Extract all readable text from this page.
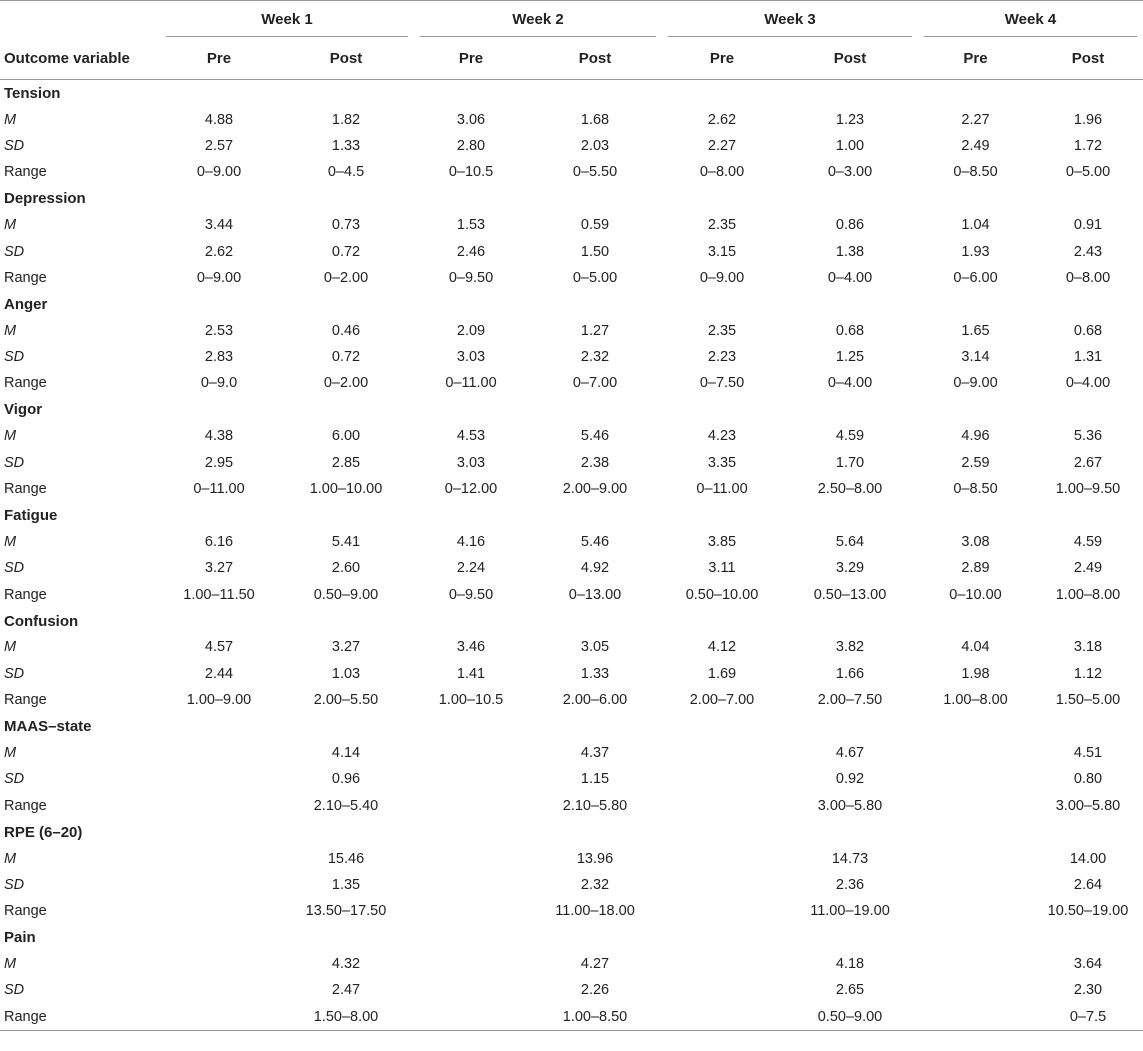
	Week 1		Week 2		Week 3		Week 4	

Outcome variable	Pre	Post	Pre	Post	Pre	Post	Pre	Post
Tension								
M	4.88	1.82	3.06	1.68	2.62	1.23	2.27	1.96
SD	2.57	1.33	2.80	2.03	2.27	1.00	2.49	1.72
Range	0–9.00	0–4.5	0–10.5	0–5.50	0–8.00	0–3.00	0–8.50	0–5.00
Depression								
M	3.44	0.73	1.53	0.59	2.35	0.86	1.04	0.91
SD	2.62	0.72	2.46	1.50	3.15	1.38	1.93	2.43
Range	0–9.00	0–2.00	0–9.50	0–5.00	0–9.00	0–4.00	0–6.00	0–8.00
Anger								
M	2.53	0.46	2.09	1.27	2.35	0.68	1.65	0.68
SD	2.83	0.72	3.03	2.32	2.23	1.25	3.14	1.31
Range	0–9.0	0–2.00	0–11.00	0–7.00	0–7.50	0–4.00	0–9.00	0–4.00
Vigor								
M	4.38	6.00	4.53	5.46	4.23	4.59	4.96	5.36
SD	2.95	2.85	3.03	2.38	3.35	1.70	2.59	2.67
Range	0–11.00	1.00–10.00	0–12.00	2.00–9.00	0–11.00	2.50–8.00	0–8.50	1.00–9.50
Fatigue								
M	6.16	5.41	4.16	5.46	3.85	5.64	3.08	4.59
SD	3.27	2.60	2.24	4.92	3.11	3.29	2.89	2.49
Range	1.00–11.50	0.50–9.00	0–9.50	0–13.00	0.50–10.00	0.50–13.00	0–10.00	1.00–8.00
Confusion								
M	4.57	3.27	3.46	3.05	4.12	3.82	4.04	3.18
SD	2.44	1.03	1.41	1.33	1.69	1.66	1.98	1.12
Range	1.00–9.00	2.00–5.50	1.00–10.5	2.00–6.00	2.00–7.00	2.00–7.50	1.00–8.00	1.50–5.00
MAAS–state								
M		4.14		4.37		4.67		4.51
SD		0.96		1.15		0.92		0.80
Range		2.10–5.40		2.10–5.80		3.00–5.80		3.00–5.80
RPE (6–20)								
M		15.46		13.96		14.73		14.00
SD		1.35		2.32		2.36		2.64
Range		13.50–17.50		11.00–18.00		11.00–19.00		10.50–19.00
Pain								
M		4.32		4.27		4.18		3.64
SD		2.47		2.26		2.65		2.30
Range		1.50–8.00		1.00–8.50		0.50–9.00		0–7.5
